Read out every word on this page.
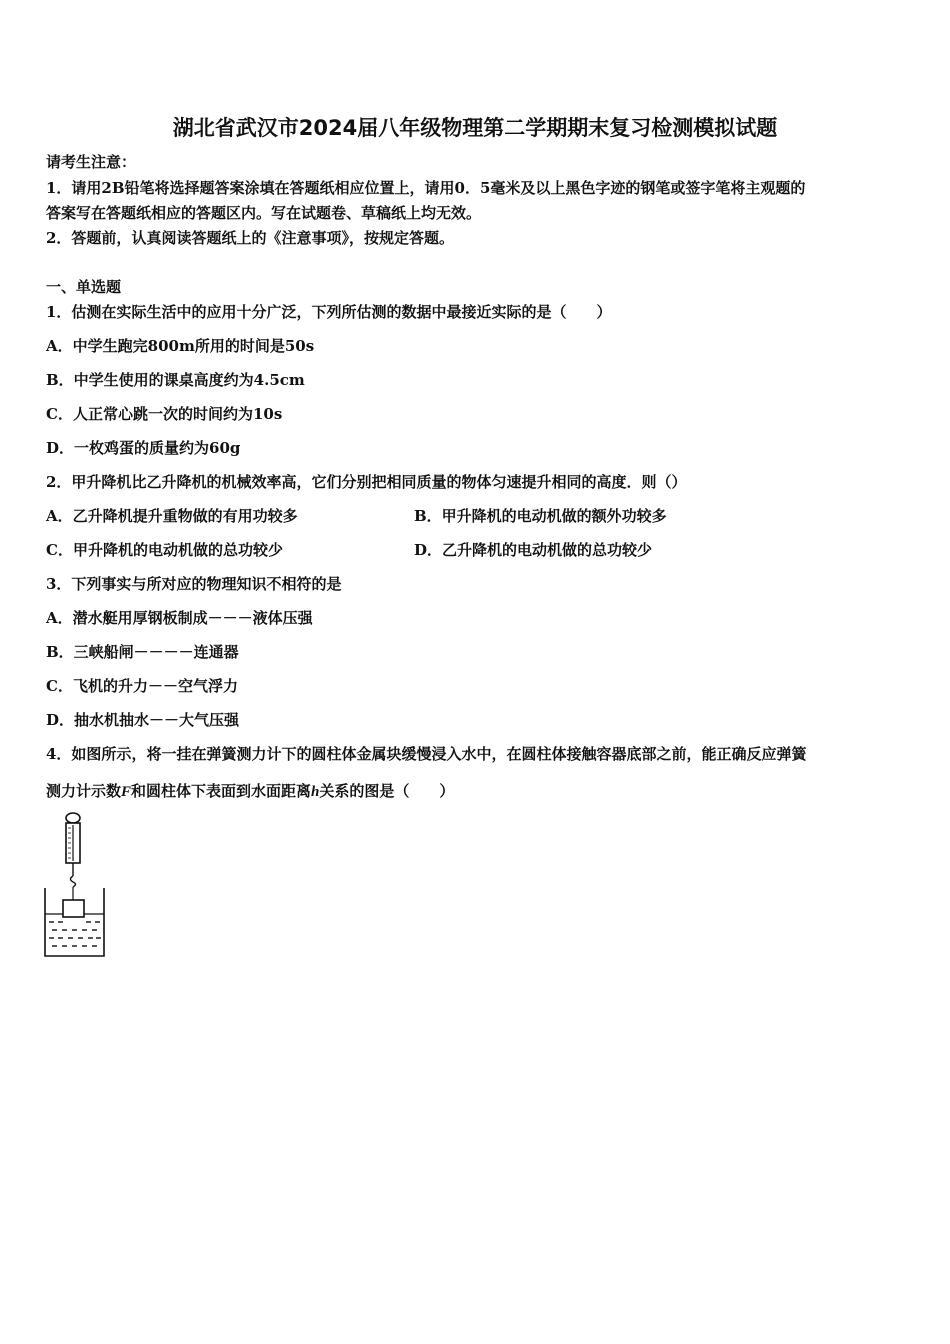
湖北省武汉市2024届八年级物理第二学期期末复习检测模拟试题
请考生注意：
1．请用2B铅笔将选择题答案涂填在答题纸相应位置上，请用0．5毫米及以上黑色字迹的钢笔或签字笔将主观题的
答案写在答题纸相应的答题区内。写在试题卷、草稿纸上均无效。
2．答题前，认真阅读答题纸上的《注意事项》，按规定答题。
一、单选题
1．估测在实际生活中的应用十分广泛，下列所估测的数据中最接近实际的是（　　）
A．中学生跑完800m所用的时间是50s
B．中学生使用的课桌高度约为4.5cm
C．人正常心跳一次的时间约为10s
D．一枚鸡蛋的质量约为60g
2．甲升降机比乙升降机的机械效率高，它们分别把相同质量的物体匀速提升相同的高度．则（）
A．乙升降机提升重物做的有用功较多	B．甲升降机的电动机做的额外功较多
C．甲升降机的电动机做的总功较少	D．乙升降机的电动机做的总功较少
3．下列事实与所对应的物理知识不相符的是
A．潜水艇用厚钢板制成－－－液体压强
B．三峡船闸－－－－连通器
C．飞机的升力－－空气浮力
D．抽水机抽水－－大气压强
4．如图所示，将一挂在弹簧测力计下的圆柱体金属块缓慢浸入水中，在圆柱体接触容器底部之前，能正确反应弹簧
测力计示数F和圆柱体下表面到水面距离h关系的图是（　　）
